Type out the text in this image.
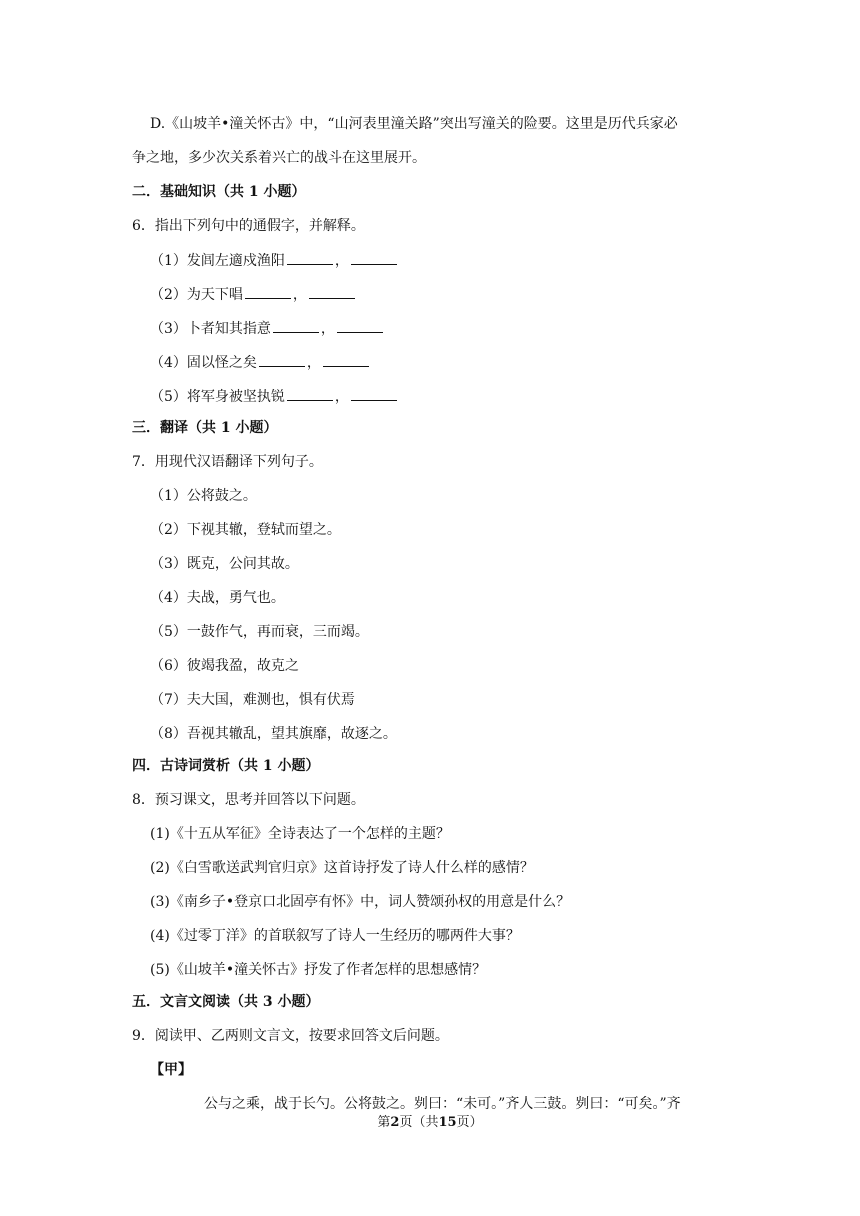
D.《山坡羊•潼关怀古》中，“山河表里潼关路”突出写潼关的险要。这里是历代兵家必
争之地，多少次关系着兴亡的战斗在这里展开。
二．基础知识（共 1 小题）
6．指出下列句中的通假字，并解释。
（1）发闾左適戍渔阳	，
（2）为天下唱	，
（3）卜者知其指意	，
（4）固以怪之矣	，
（5）将军身被坚执锐	，
三．翻译（共 1 小题）
7．用现代汉语翻译下列句子。
（1）公将鼓之。
（2）下视其辙，登轼而望之。
（3）既克，公问其故。
（4）夫战，勇气也。
（5）一鼓作气，再而衰，三而竭。
（6）彼竭我盈，故克之
（7）夫大国，难测也，惧有伏焉
（8）吾视其辙乱，望其旗靡，故逐之。
四．古诗词赏析（共 1 小题）
8．预习课文，思考并回答以下问题。
(1)《十五从军征》全诗表达了一个怎样的主题？
(2)《白雪歌送武判官归京》这首诗抒发了诗人什么样的感情？
(3)《南乡子•登京口北固亭有怀》中，词人赞颂孙权的用意是什么？
(4)《过零丁洋》的首联叙写了诗人一生经历的哪两件大事？
(5)《山坡羊•潼关怀古》抒发了作者怎样的思想感情？
五．文言文阅读（共 3 小题）
9．阅读甲、乙两则文言文，按要求回答文后问题。
【甲】
公与之乘，战于长勺。公将鼓之。刿曰：“未可。”齐人三鼓。刿曰：“可矣。”齐
第2页（共15页）
